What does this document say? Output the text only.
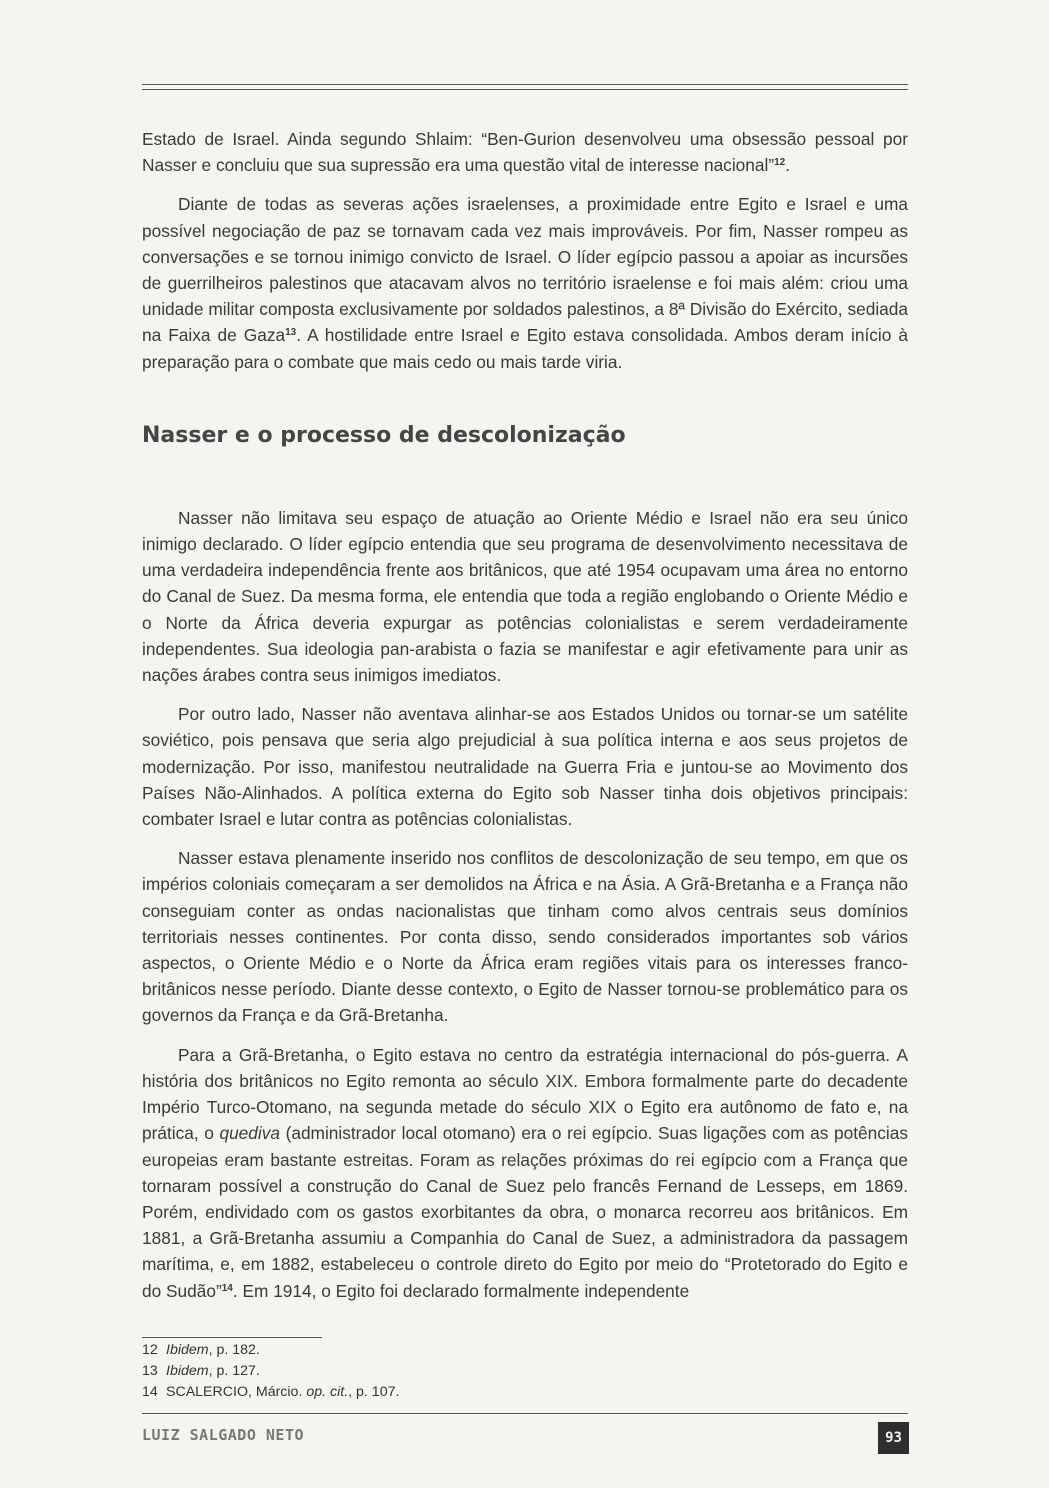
Estado de Israel. Ainda segundo Shlaim: “Ben-Gurion desenvolveu uma obsessão pessoal por Nasser e concluiu que sua supressão era uma questão vital de interesse nacional”$^{12}$.

Diante de todas as severas ações israelenses, a proximidade entre Egito e Israel e uma possível negociação de paz se tornavam cada vez mais improváveis. Por fim, Nasser rompeu as conversações e se tornou inimigo convicto de Israel. O líder egípcio passou a apoiar as incursões de guerrilheiros palestinos que atacavam alvos no território israelense e foi mais além: criou uma unidade militar composta exclusivamente por soldados palestinos, a 8ª Divisão do Exército, sediada na Faixa de Gaza$^{13}$. A hostilidade entre Israel e Egito estava consolidada. Ambos deram início à preparação para o combate que mais cedo ou mais tarde viria.

Nasser e o processo de descolonização

Nasser não limitava seu espaço de atuação ao Oriente Médio e Israel não era seu único inimigo declarado. O líder egípcio entendia que seu programa de desenvolvimento necessitava de uma verdadeira independência frente aos britânicos, que até 1954 ocupavam uma área no entorno do Canal de Suez. Da mesma forma, ele entendia que toda a região englobando o Oriente Médio e o Norte da África deveria expurgar as potências colonialistas e serem verdadeiramente independentes. Sua ideologia pan-arabista o fazia se manifestar e agir efetivamente para unir as nações árabes contra seus inimigos imediatos.

Por outro lado, Nasser não aventava alinhar-se aos Estados Unidos ou tornar-se um satélite soviético, pois pensava que seria algo prejudicial à sua política interna e aos seus projetos de modernização. Por isso, manifestou neutralidade na Guerra Fria e juntou-se ao Movimento dos Países Não-Alinhados. A política externa do Egito sob Nasser tinha dois objetivos principais: combater Israel e lutar contra as potências colonialistas.

Nasser estava plenamente inserido nos conflitos de descolonização de seu tempo, em que os impérios coloniais começaram a ser demolidos na África e na Ásia. A Grã-Bretanha e a França não conseguiam conter as ondas nacionalistas que tinham como alvos centrais seus domínios territoriais nesses continentes. Por conta disso, sendo considerados importantes sob vários aspectos, o Oriente Médio e o Norte da África eram regiões vitais para os interesses franco-britânicos nesse período. Diante desse contexto, o Egito de Nasser tornou-se problemático para os governos da França e da Grã-Bretanha.

Para a Grã-Bretanha, o Egito estava no centro da estratégia internacional do pós-guerra. A história dos britânicos no Egito remonta ao século XIX. Embora formalmente parte do decadente Império Turco-Otomano, na segunda metade do século XIX o Egito era autônomo de fato e, na prática, o quediva (administrador local otomano) era o rei egípcio. Suas ligações com as potências europeias eram bastante estreitas. Foram as relações próximas do rei egípcio com a França que tornaram possível a construção do Canal de Suez pelo francês Fernand de Lesseps, em 1869. Porém, endividado com os gastos exorbitantes da obra, o monarca recorreu aos britânicos. Em 1881, a Grã-Bretanha assumiu a Companhia do Canal de Suez, a administradora da passagem marítima, e, em 1882, estabeleceu o controle direto do Egito por meio do “Protetorado do Egito e do Sudão”$^{14}$. Em 1914, o Egito foi declarado formalmente independente

12 Ibidem, p. 182.
13 Ibidem, p. 127.
14 SCALERCIO, Márcio. op. cit., p. 107.
LUIZ SALGADO NETO	93
